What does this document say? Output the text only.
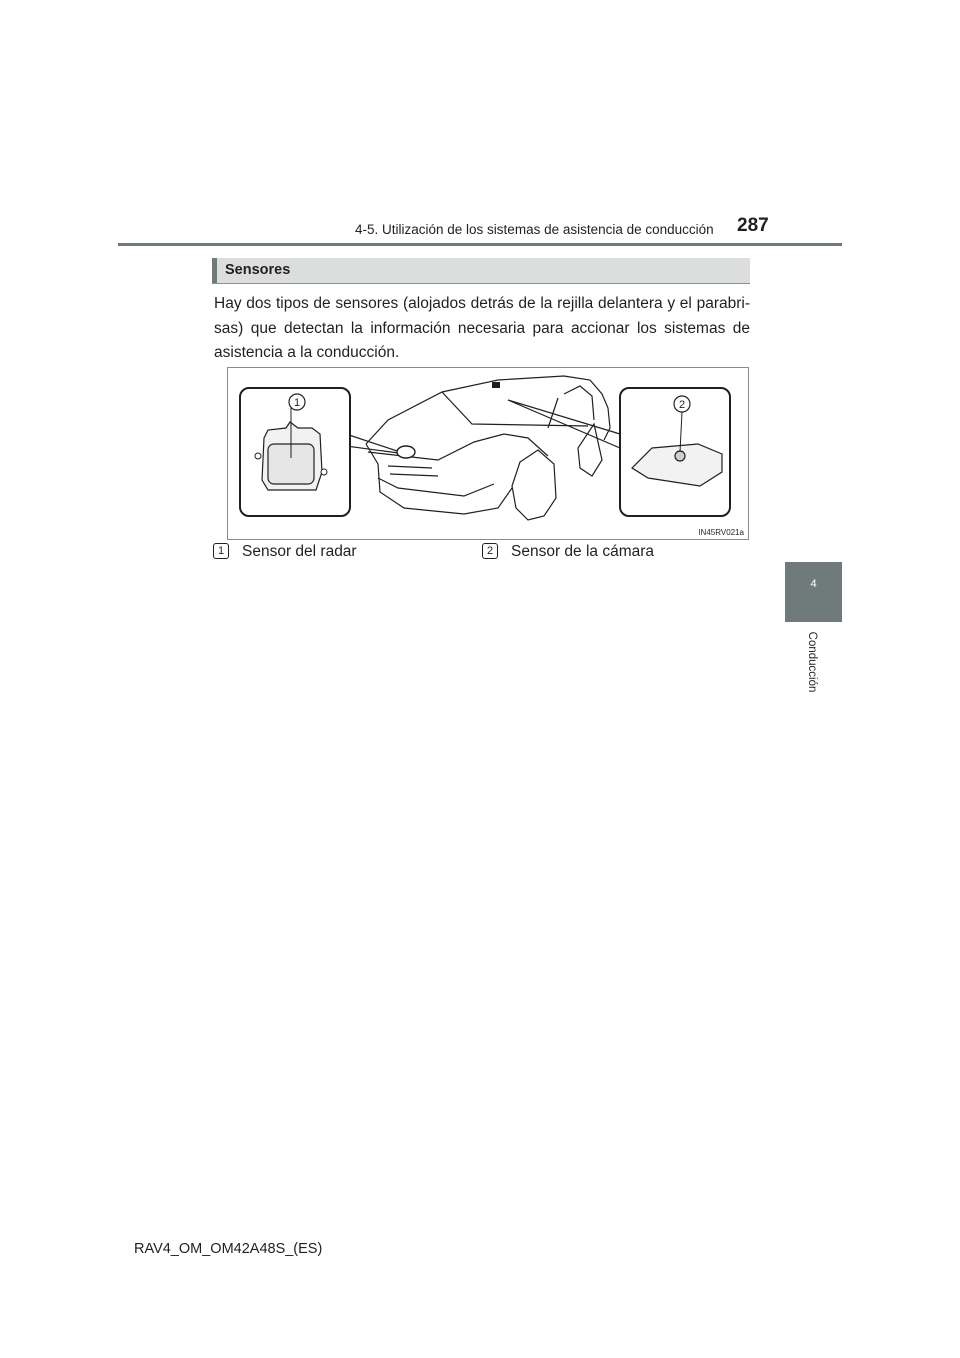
4-5. Utilización de los sistemas de asistencia de conducción 287
4
Conducción
Sensores
Hay dos tipos de sensores (alojados detrás de la rejilla delantera y el parabri-sas) que detectan la información necesaria para accionar los sistemas de asistencia a la conducción.
1	2
IN45RV021a
1	Sensor del radar	2	Sensor de la cámara
RAV4_OM_OM42A48S_(ES)
